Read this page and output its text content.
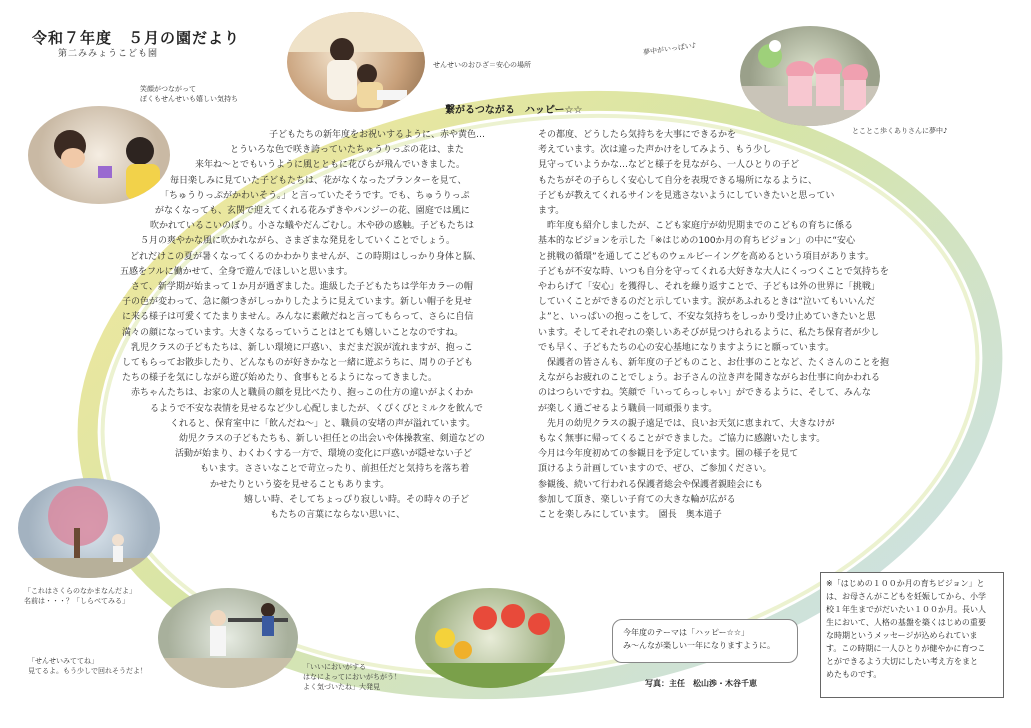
令和７年度　５月の園だより
第二みみょうこども園
笑顔がつながって
ぼくもせんせいも嬉しい気持ち
せんせいのおひざ＝安心の場所
夢中がいっぱい♪
とことこ歩くありさんに夢中♪
「これはさくらのなかまなんだよ」
名前は・・・？「しらべてみる」
「せんせいみててね」
見てるよ。もう少しで回れそうだよ！	「いいにおいがする
はなによってにおいがちがう！
よく気づいたね」大発見
繋がるつながる　ハッピー☆☆

　子どもたちの新年度をお祝いするように、赤や黄色…

とういろな色で咲き誇っていたちゅうりっぷの花は、また

来年ね～とでもいうように風とともに花びらが飛んでいきました。

毎日楽しみに見ていた子どもたちは、花がなくなったプランターを見て、

「ちゅうりっぷがかわいそう。」と言っていたそうです。でも、ちゅうりっぷ

がなくなっても、玄関で迎えてくれる花みずきやパンジーの花、園庭では風に

吹かれているこいのぼり。小さな蟻やだんごむし。木や砂の感触。子どもたちは

５月の爽やかな風に吹かれながら、さまざまな発見をしていくことでしょう。

どれだけこの夏が暑くなってくるのかわかりませんが、この時期はしっかり身体と脳、

五感をフルに働かせて、全身で遊んでほしいと思います。

　さて、新学期が始まって１か月が過ぎました。進級した子どもたちは学年カラーの帽

子の色が変わって、急に顔つきがしっかりしたように見えています。新しい帽子を見せ

に来る様子は可愛くてたまりません。みんなに素敵だねと言ってもらって、さらに自信

満々の顔になっています。大きくなるっていうことはとても嬉しいことなのですね。

　乳児クラスの子どもたちは、新しい環境に戸惑い、まだまだ涙が流れますが、抱っこ

してもらってお散歩したり、どんなものが好きかなと一緒に遊ぶうちに、周りの子ども

たちの様子を気にしながら遊び始めたり、食事もとるようになってきました。

　赤ちゃんたちは、お家の人と職員の顔を見比べたり、抱っこの仕方の違いがよくわか

るようで不安な表情を見せるなど少し心配しましたが、くぴくぴとミルクを飲んで

くれると、保育室中に「飲んだね～」と、職員の安堵の声が溢れています。

　幼児クラスの子どもたちも、新しい担任との出会いや体操教室、剣道などの

活動が始まり、わくわくする一方で、環境の変化に戸惑いが隠せない子ど

もいます。ささいなことで苛立ったり、前担任だと気持ちを落ち着

かせたりという姿を見せることもあります。

　嬉しい時、そしてちょっぴり寂しい時。その時々の子ど

もたちの言葉にならない思いに、

その都度、どうしたら気持ちを大事にできるかを

考えています。次は違った声かけをしてみよう、もう少し

見守っていようかな…などと様子を見ながら、一人ひとりの子ど

もたちがその子らしく安心して自分を表現できる場所になるように、

子どもが教えてくれるサインを見逃さないようにしていきたいと思ってい

ます。

　昨年度も紹介しましたが、こども家庭庁が幼児期までのこどもの育ちに係る

基本的なビジョンを示した「※はじめの100か月の育ちビジョン」の中に“安心

と挑戦の循環”を通してこどものウェルビーイングを高めるという項目があります。

子どもが不安な時、いつも自分を守ってくれる大好きな大人にくっつくことで気持ちを

やわらげて「安心」を獲得し、それを繰り返すことで、子どもは外の世界に「挑戦」

していくことができるのだと示しています。涙があふれるときは“泣いてもいいんだ

よ”と、いっぱいの抱っこをして、不安な気持ちをしっかり受け止めていきたいと思

います。そしてそれぞれの楽しいあそびが見つけられるように、私たち保育者が少し

でも早く、子どもたちの心の安心基地になりますようにと願っています。

　保護者の皆さんも、新年度の子どものこと、お仕事のことなど、たくさんのことを抱

えながらお疲れのことでしょう。お子さんの泣き声を聞きながらお仕事に向かわれる

のはつらいですね。笑顔で「いってらっしゃい」ができるように、そして、みんな

が楽しく過ごせるよう職員一同頑張ります。

　先月の幼児クラスの親子遠足では、良いお天気に恵まれて、大きなけが

もなく無事に帰ってくることができました。ご協力に感謝いたします。

今月は今年度初めての参観日を予定しています。園の様子を見て

頂けるよう計画していますので、ぜひ、ご参加ください。

参観後、続いて行われる保護者総会や保護者親睦会にも

参加して頂き、楽しい子育ての大きな輪が広がる

ことを楽しみにしています。　園長　奥本道子

今年度のテーマは「ハッピー☆☆」
み～んなが楽しい一年になりますように。
写真：主任　松山渉・木谷千恵

※「はじめの１００か月の育ちビジョン」と

は、お母さんがこどもを妊娠してから、小学

校１年生までがだいたい１００か月。長い人

生において、人格の基盤を築くはじめの重要

な時期というメッセージが込められていま

す。この時期に一人ひとりが健やかに育つこ

とができるよう大切にしたい考え方をまと

めたものです。
